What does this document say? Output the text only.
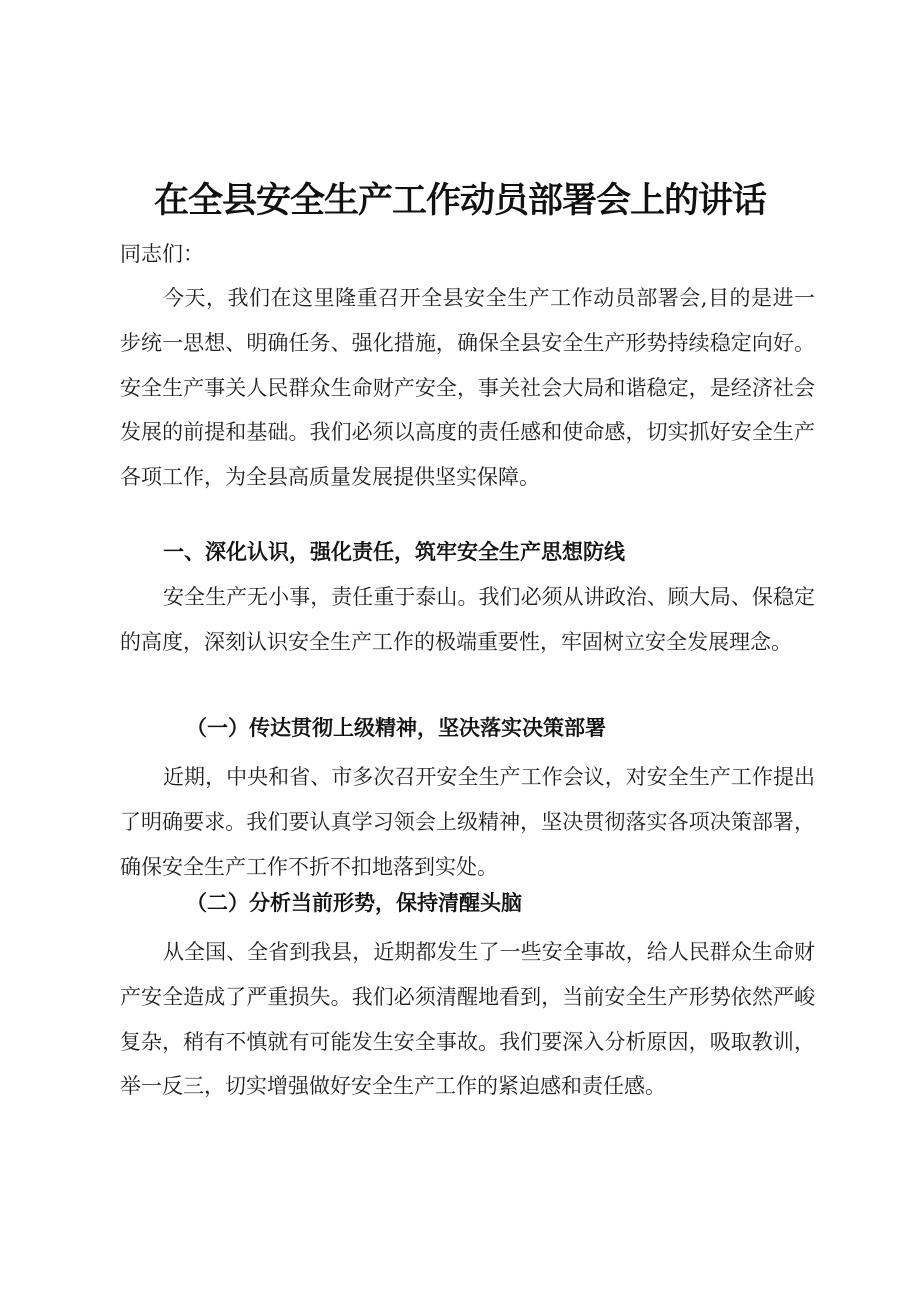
在全县安全生产工作动员部署会上的讲话

同志们：

今天，我们在这里隆重召开全县安全生产工作动员部署会,目的是进一步统一思想、明确任务、强化措施，确保全县安全生产形势持续稳定向好。安全生产事关人民群众生命财产安全，事关社会大局和谐稳定，是经济社会发展的前提和基础。我们必须以高度的责任感和使命感，切实抓好安全生产各项工作，为全县高质量发展提供坚实保障。

一、深化认识，强化责任，筑牢安全生产思想防线

安全生产无小事，责任重于泰山。我们必须从讲政治、顾大局、保稳定的高度，深刻认识安全生产工作的极端重要性，牢固树立安全发展理念。

（一）传达贯彻上级精神，坚决落实决策部署

近期，中央和省、市多次召开安全生产工作会议，对安全生产工作提出了明确要求。我们要认真学习领会上级精神，坚决贯彻落实各项决策部署，确保安全生产工作不折不扣地落到实处。

（二）分析当前形势，保持清醒头脑

从全国、全省到我县，近期都发生了一些安全事故，给人民群众生命财产安全造成了严重损失。我们必须清醒地看到，当前安全生产形势依然严峻复杂，稍有不慎就有可能发生安全事故。我们要深入分析原因，吸取教训，举一反三，切实增强做好安全生产工作的紧迫感和责任感。
